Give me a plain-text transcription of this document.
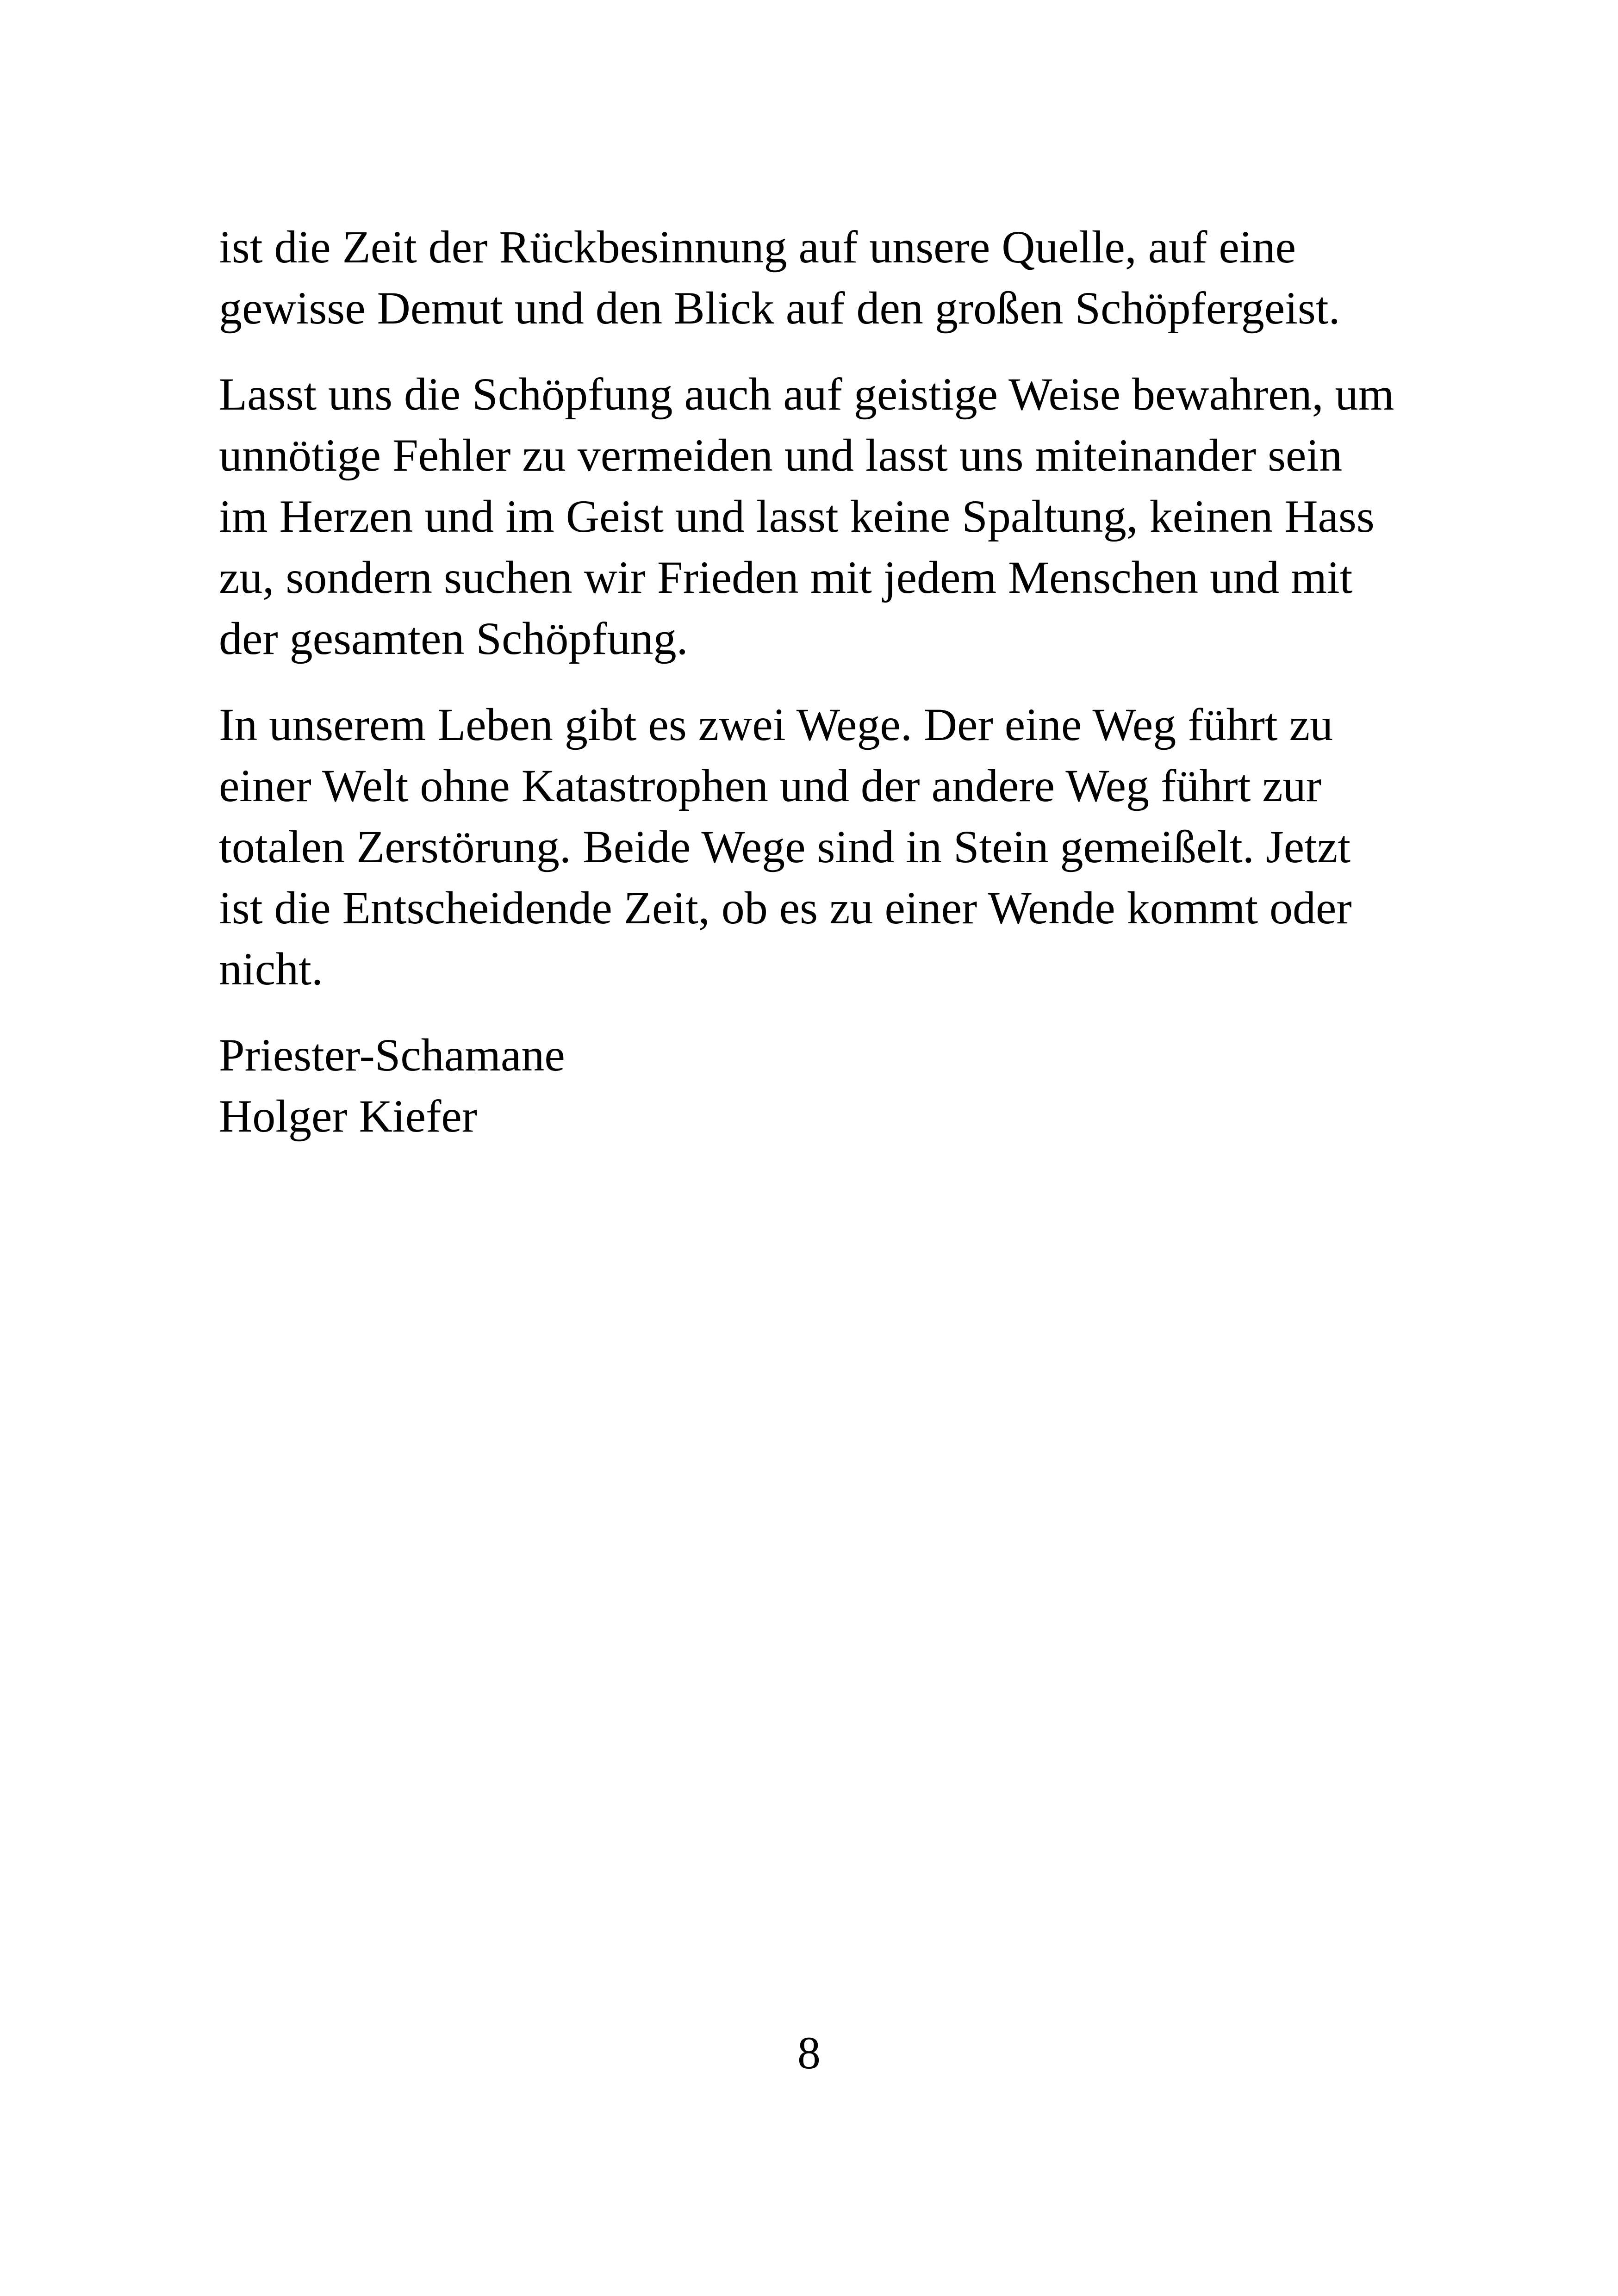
ist die Zeit der Rückbesinnung auf unsere Quelle, auf eine
gewisse Demut und den Blick auf den großen Schöpfergeist.

Lasst uns die Schöpfung auch auf geistige Weise bewahren, um
unnötige Fehler zu vermeiden und lasst uns miteinander sein
im Herzen und im Geist und lasst keine Spaltung, keinen Hass
zu, sondern suchen wir Frieden mit jedem Menschen und mit
der gesamten Schöpfung.

In unserem Leben gibt es zwei Wege. Der eine Weg führt zu
einer Welt ohne Katastrophen und der andere Weg führt zur
totalen Zerstörung. Beide Wege sind in Stein gemeißelt. Jetzt
ist die Entscheidende Zeit, ob es zu einer Wende kommt oder
nicht.

Priester-Schamane
Holger Kiefer

8
